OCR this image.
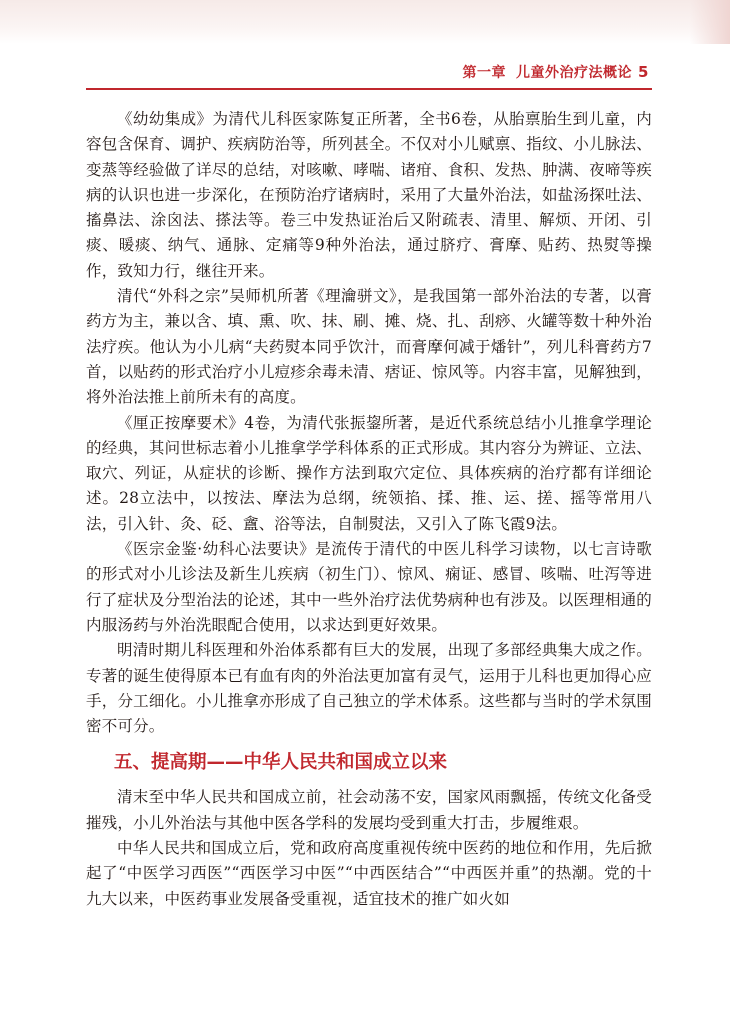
第一章 儿童外治疗法概论 5

《幼幼集成》为清代儿科医家陈复正所著，全书6卷，从胎禀胎生到儿童，内容包含保育、调护、疾病防治等，所列甚全。不仅对小儿赋禀、指纹、小儿脉法、变蒸等经验做了详尽的总结，对咳嗽、哮喘、诸疳、食积、发热、肿满、夜啼等疾病的认识也进一步深化，在预防治疗诸病时，采用了大量外治法，如盐汤探吐法、搐鼻法、涂囟法、搽法等。卷三中发热证治后又附疏表、清里、解烦、开闭、引痰、暖痰、纳气、通脉、定痛等9种外治法，通过脐疗、膏摩、贴药、热熨等操作，致知力行，继往开来。

清代“外科之宗”吴师机所著《理瀹骈文》，是我国第一部外治法的专著，以膏药方为主，兼以含、填、熏、吹、抹、刷、摊、烧、扎、刮痧、火罐等数十种外治法疗疾。他认为小儿病“夫药熨本同乎饮汁，而膏摩何减于燔针”，列儿科膏药方7首，以贴药的形式治疗小儿痘疹余毒未清、痞证、惊风等。内容丰富，见解独到，将外治法推上前所未有的高度。

《厘正按摩要术》4卷，为清代张振鋆所著，是近代系统总结小儿推拿学理论的经典，其问世标志着小儿推拿学学科体系的正式形成。其内容分为辨证、立法、取穴、列证，从症状的诊断、操作方法到取穴定位、具体疾病的治疗都有详细论述。28立法中，以按法、摩法为总纲，统领掐、揉、推、运、搓、摇等常用八法，引入针、灸、砭、盦、浴等法，自制熨法，又引入了陈飞霞9法。

《医宗金鉴·幼科心法要诀》是流传于清代的中医儿科学习读物，以七言诗歌的形式对小儿诊法及新生儿疾病（初生门）、惊风、痫证、感冒、咳喘、吐泻等进行了症状及分型治法的论述，其中一些外治疗法优势病种也有涉及。以医理相通的内服汤药与外治洗眼配合使用，以求达到更好效果。

明清时期儿科医理和外治体系都有巨大的发展，出现了多部经典集大成之作。专著的诞生使得原本已有血有肉的外治法更加富有灵气，运用于儿科也更加得心应手，分工细化。小儿推拿亦形成了自己独立的学术体系。这些都与当时的学术氛围密不可分。

五、提高期——中华人民共和国成立以来

清末至中华人民共和国成立前，社会动荡不安，国家风雨飘摇，传统文化备受摧残，小儿外治法与其他中医各学科的发展均受到重大打击，步履维艰。

中华人民共和国成立后，党和政府高度重视传统中医药的地位和作用，先后掀起了“中医学习西医”“西医学习中医”“中西医结合”“中西医并重”的热潮。党的十九大以来，中医药事业发展备受重视，适宜技术的推广如火如
